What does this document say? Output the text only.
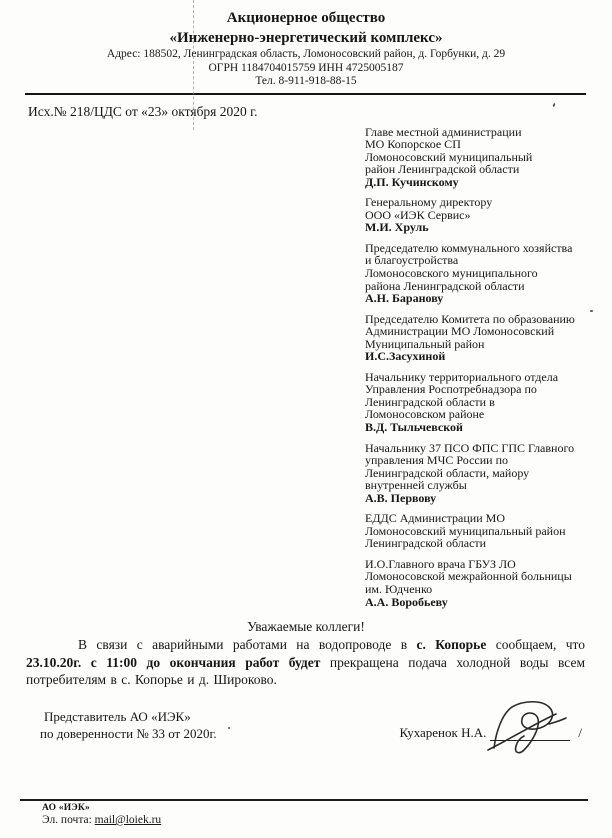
Акционерное общество
«Инженерно-энергетический комплекс»
Адрес: 188502, Ленинградская область, Ломоносовский район, д. Горбунки, д. 29
ОГРН 1184704015759 ИНН 4725005187
Тел. 8-911-918-88-15
Исх.№ 218/ЦДС от «23» октября 2020 г.
Главе местной администрации
МО Копорское СП
Ломоносовский муниципальный
район Ленинградской области
Д.П. Кучинскому
Генеральному директору
ООО «ИЭК Сервис»
М.И. Хруль
Председателю коммунального хозяйства
и благоустройства
Ломоносовского муниципального
района Ленинградской области
А.Н. Баранову
Председателю Комитета по образованию
Администрации МО Ломоносовский
Муниципальный район
И.С.Засухиной
Начальнику территориального отдела
Управления Роспотребнадзора по
Ленинградской области в
Ломоносовском районе
В.Д. Тыльчевской
Начальнику 37 ПСО ФПС ГПС Главного
управления МЧС России по
Ленинградской области, майору
внутренней службы
А.В. Первову
ЕДДС Администрации МО
Ломоносовский муниципальный район
Ленинградской области
И.О.Главного врача ГБУЗ ЛО
Ломоносовской межрайонной больницы
им. Юдченко
А.А. Воробьеву
Уважаемые коллеги!

В связи с аварийными работами на водопроводе в с. Копорье сообщаем, что 23.10.20г. с 11:00 до окончания работ будет прекращена подача холодной воды всем потребителям в с. Копорье и д. Широково.

Представитель АО «ИЭК»
по доверенности № 33 от 2020г.	Кухаренок Н.А.	/
АО «ИЭК»
Эл. почта: mail@loiek.ru
